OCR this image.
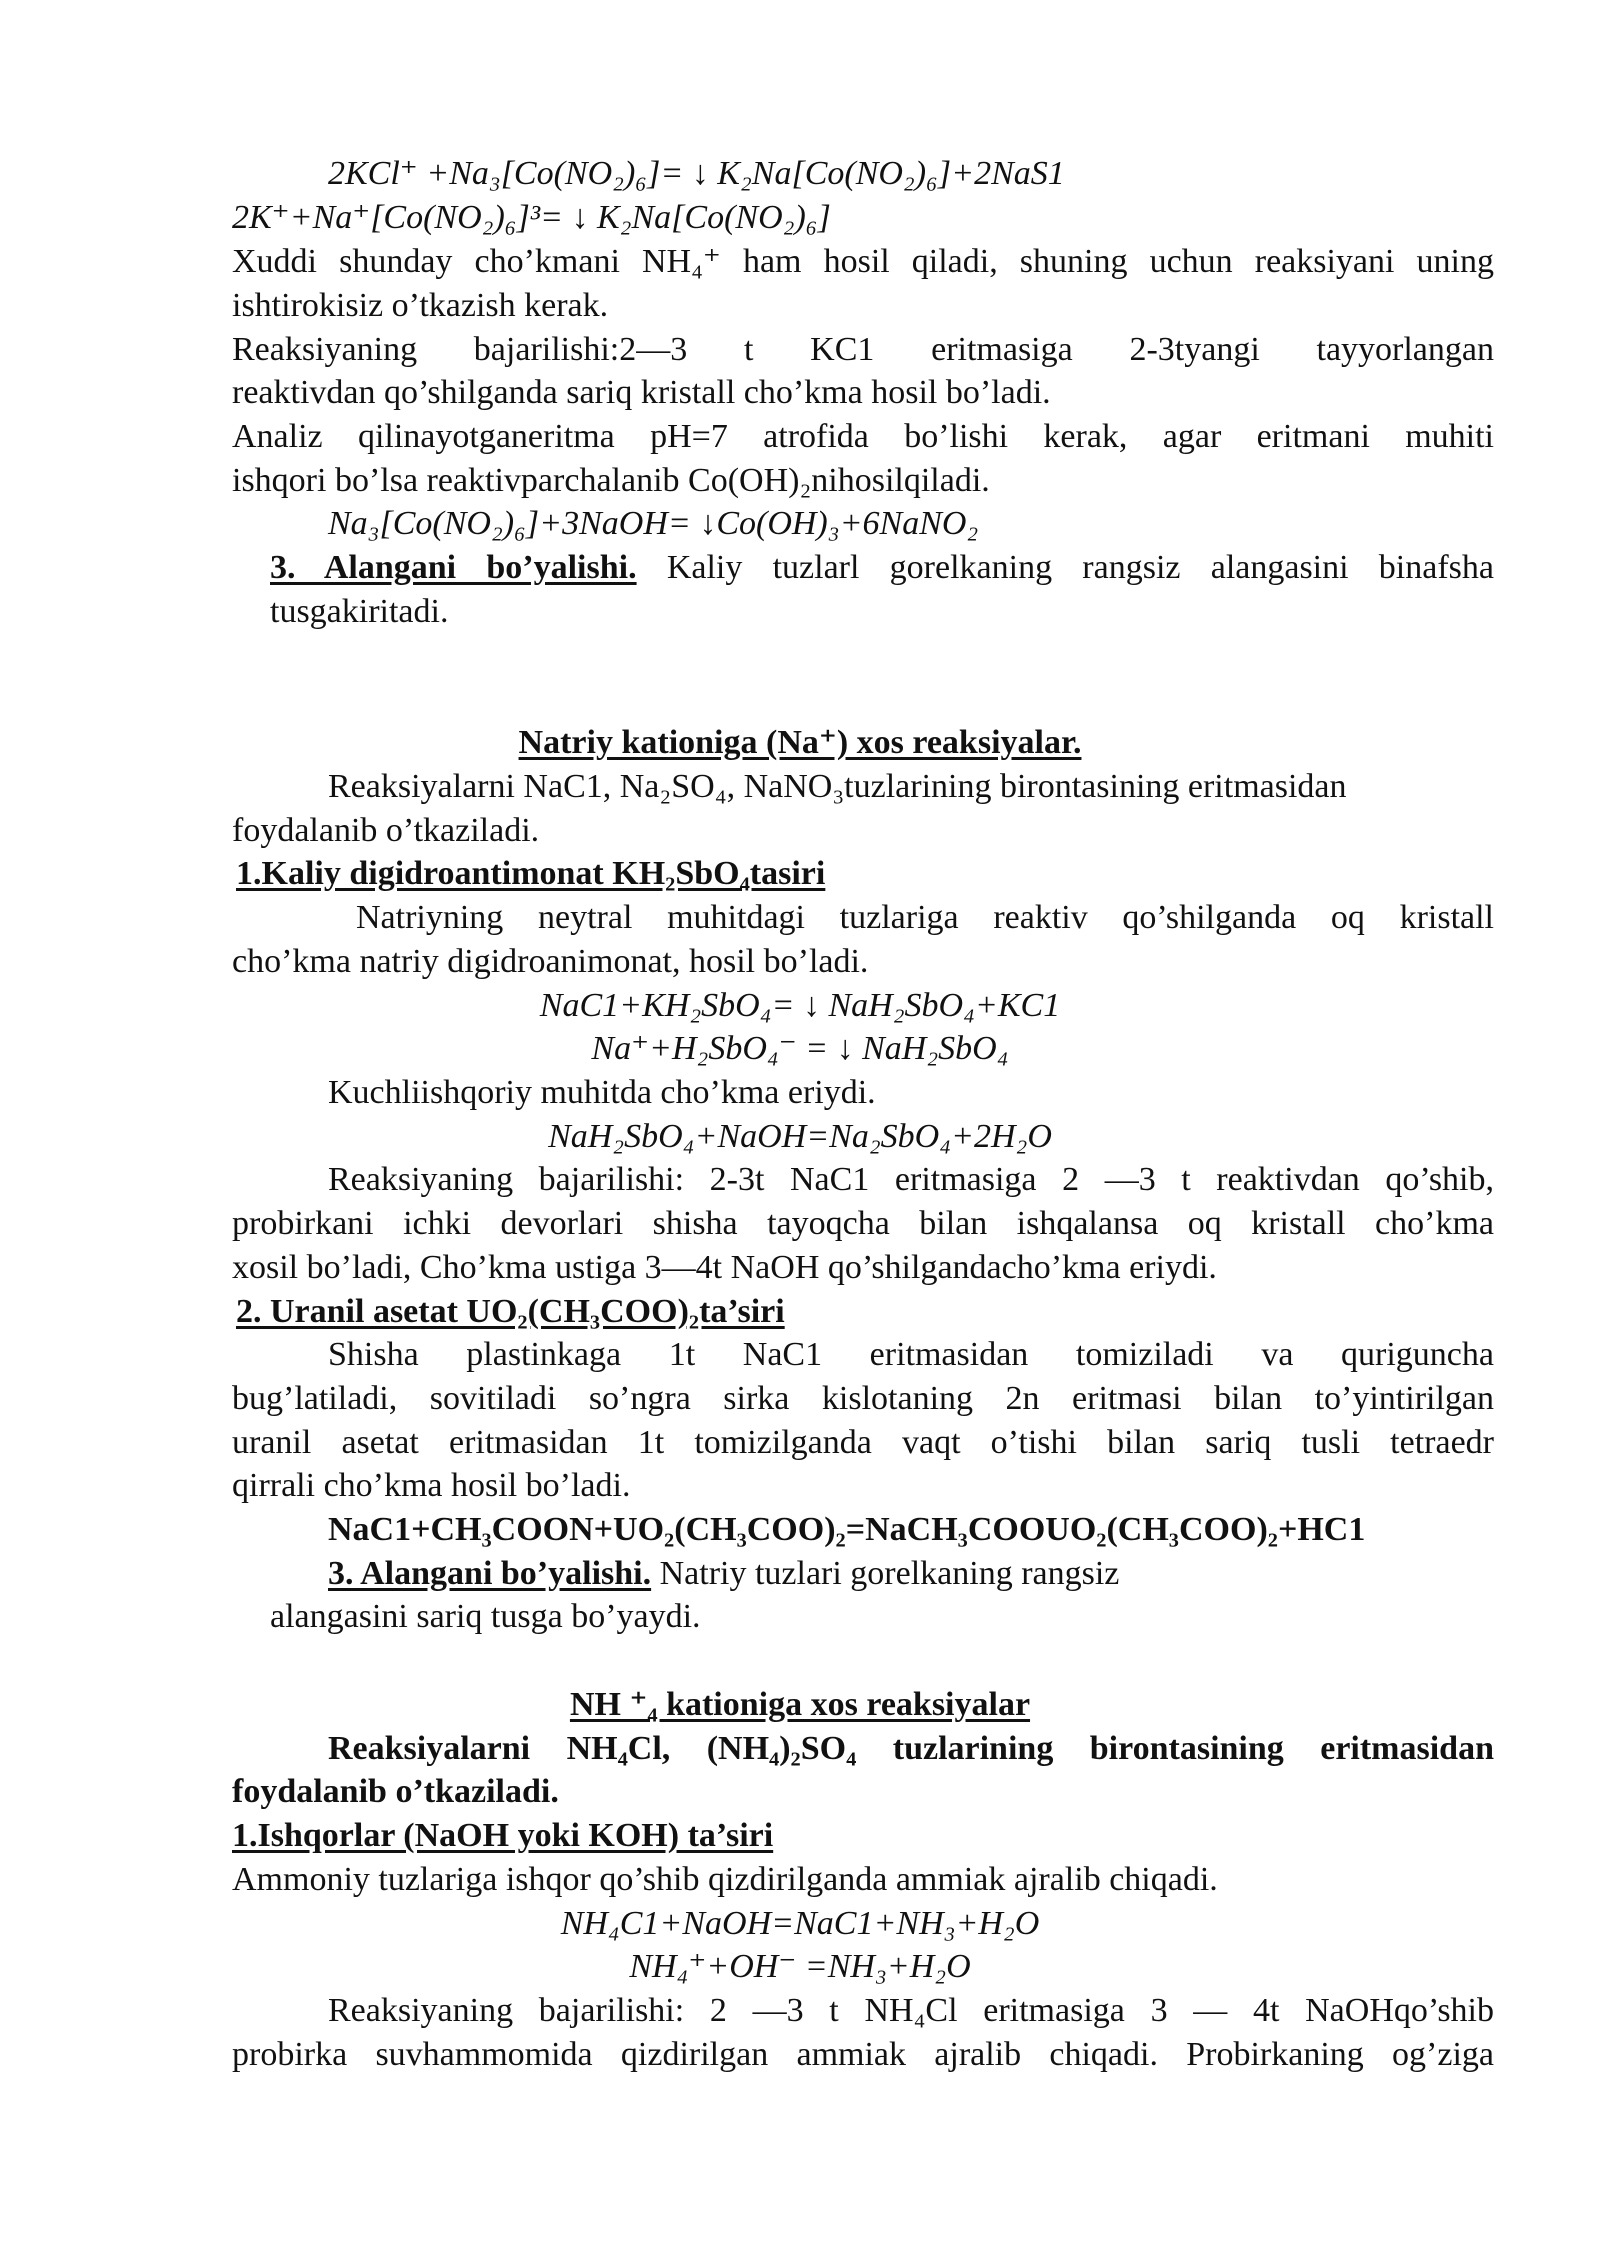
2KCl⁺ +Na₃[Co(NO₂)₆]= ↓ K₂Na[Co(NO₂)₆]+2NaS1
2K⁺+Na⁺[Co(NO₂)₆]³= ↓ K₂Na[Co(NO₂)₆]
Xuddi shunday cho’kmani NH₄⁺ ham hosil qiladi, shuning uchun reaksiyani uning
ishtirokisiz o’tkazish kerak.
Reaksiyaning bajarilishi:2—3 t KC1 eritmasiga 2-3tyangi tayyorlangan
reaktivdan qo’shilganda sariq kristall cho’kma hosil bo’ladi.
Analiz qilinayotganeritma pH=7 atrofida bo’lishi kerak, agar eritmani muhiti
ishqori bo’lsa reaktivparchalanib Co(OH)₂nihosilqiladi.
Na₃[Co(NO₂)₆]+3NaOH= ↓Co(OH)₃+6NaNO₂
3. Alangani bo’yalishi. Kaliy tuzlarl gorelkaning rangsiz alangasini binafsha
tusgakiritadi.
Natriy kationiga (Na⁺) xos reaksiyalar.
Reaksiyalarni NaC1, Na₂SO₄, NaNO₃tuzlarining birontasining eritmasidan
foydalanib o’tkaziladi.
1.Kaliy digidroantimonat KH₂SbO₄tasiri
Natriyning neytral muhitdagi tuzlariga reaktiv qo’shilganda oq kristall
cho’kma natriy digidroanimonat, hosil bo’ladi.
NaC1+KH₂SbO₄= ↓ NaH₂SbO₄+KC1
Na⁺+H₂SbO₄⁻ = ↓ NaH₂SbO₄
Kuchliishqoriy muhitda cho’kma eriydi.
NaH₂SbO₄+NaOH=Na₂SbO₄+2H₂O
Reaksiyaning bajarilishi: 2-3t NaC1 eritmasiga 2 —3 t reaktivdan qo’shib,
probirkani ichki devorlari shisha tayoqcha bilan ishqalansa oq kristall cho’kma
xosil bo’ladi, Cho’kma ustiga 3—4t NaOH qo’shilgandacho’kma eriydi.
2. Uranil asetat UO₂(CH₃COO)₂ta’siri
Shisha plastinkaga 1t NaC1 eritmasidan tomiziladi va quriguncha
bug’latiladi, sovitiladi so’ngra sirka kislotaning 2n eritmasi bilan to’yintirilgan
uranil asetat eritmasidan 1t tomizilganda vaqt o’tishi bilan sariq tusli tetraedr
qirrali cho’kma hosil bo’ladi.
NaC1+CH₃COON+UO₂(CH₃COO)₂=NaCH₃COOUO₂(CH₃COO)₂+HC1
3. Alangani bo’yalishi. Natriy tuzlari gorelkaning rangsiz
alangasini sariq tusga bo’yaydi.
NH ⁺₄ kationiga xos reaksiyalar
Reaksiyalarni NH₄Cl, (NH₄)₂SO₄ tuzlarining birontasining eritmasidan
foydalanib o’tkaziladi.
1.Ishqorlar (NaOH yoki KOH) ta’siri
Ammoniy tuzlariga ishqor qo’shib qizdirilganda ammiak ajralib chiqadi.
NH₄C1+NaOH=NaC1+NH₃+H₂O
NH₄⁺+OH⁻ =NH₃+H₂O
Reaksiyaning bajarilishi: 2 —3 t NH₄Cl eritmasiga 3 — 4t NaOHqo’shib
probirka suvhammomida qizdirilgan ammiak ajralib chiqadi. Probirkaning og’ziga
